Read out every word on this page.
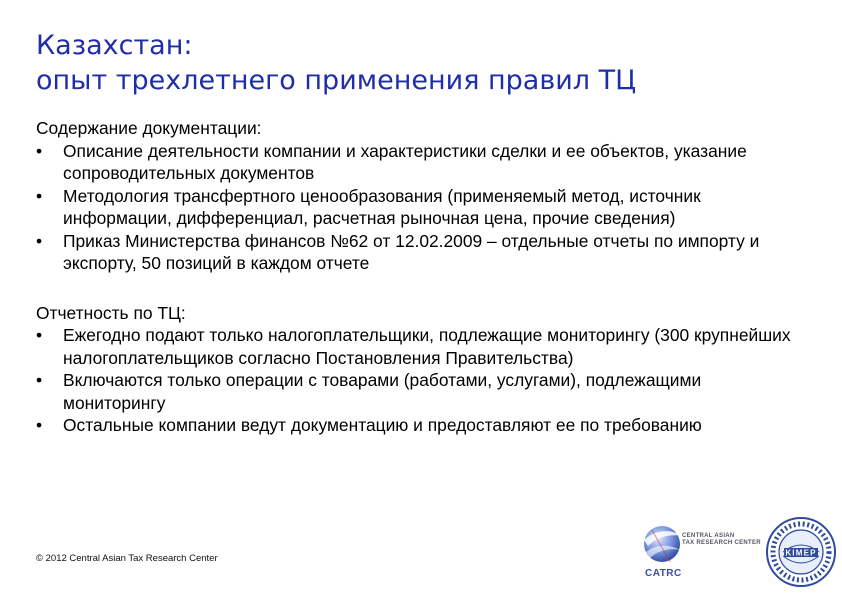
Казахстан:
опыт трехлетнего применения правил ТЦ

Содержание документации:

•	Описание деятельности компании и характеристики сделки и ее объектов, указание сопроводительных документов
•	Методология трансфертного ценообразования (применяемый метод, источник информации, дифференциал, расчетная рыночная цена, прочие сведения)
•	Приказ Министерства финансов №62 от 12.02.2009 – отдельные отчеты по импорту и экспорту, 50 позиций в каждом отчете

Отчетность по ТЦ:

•	Ежегодно подают только налогоплательщики, подлежащие мониторингу (300 крупнейших налогоплательщиков согласно Постановления Правительства)
•	Включаются только операции с товарами (работами, услугами), подлежащими мониторингу
•	Остальные компании ведут документацию и предоставляют ее по требованию
© 2012 Central Asian Tax Research Center
CENTRAL ASIAN
TAX RESEARCH CENTER
CATRC
KIMEP
